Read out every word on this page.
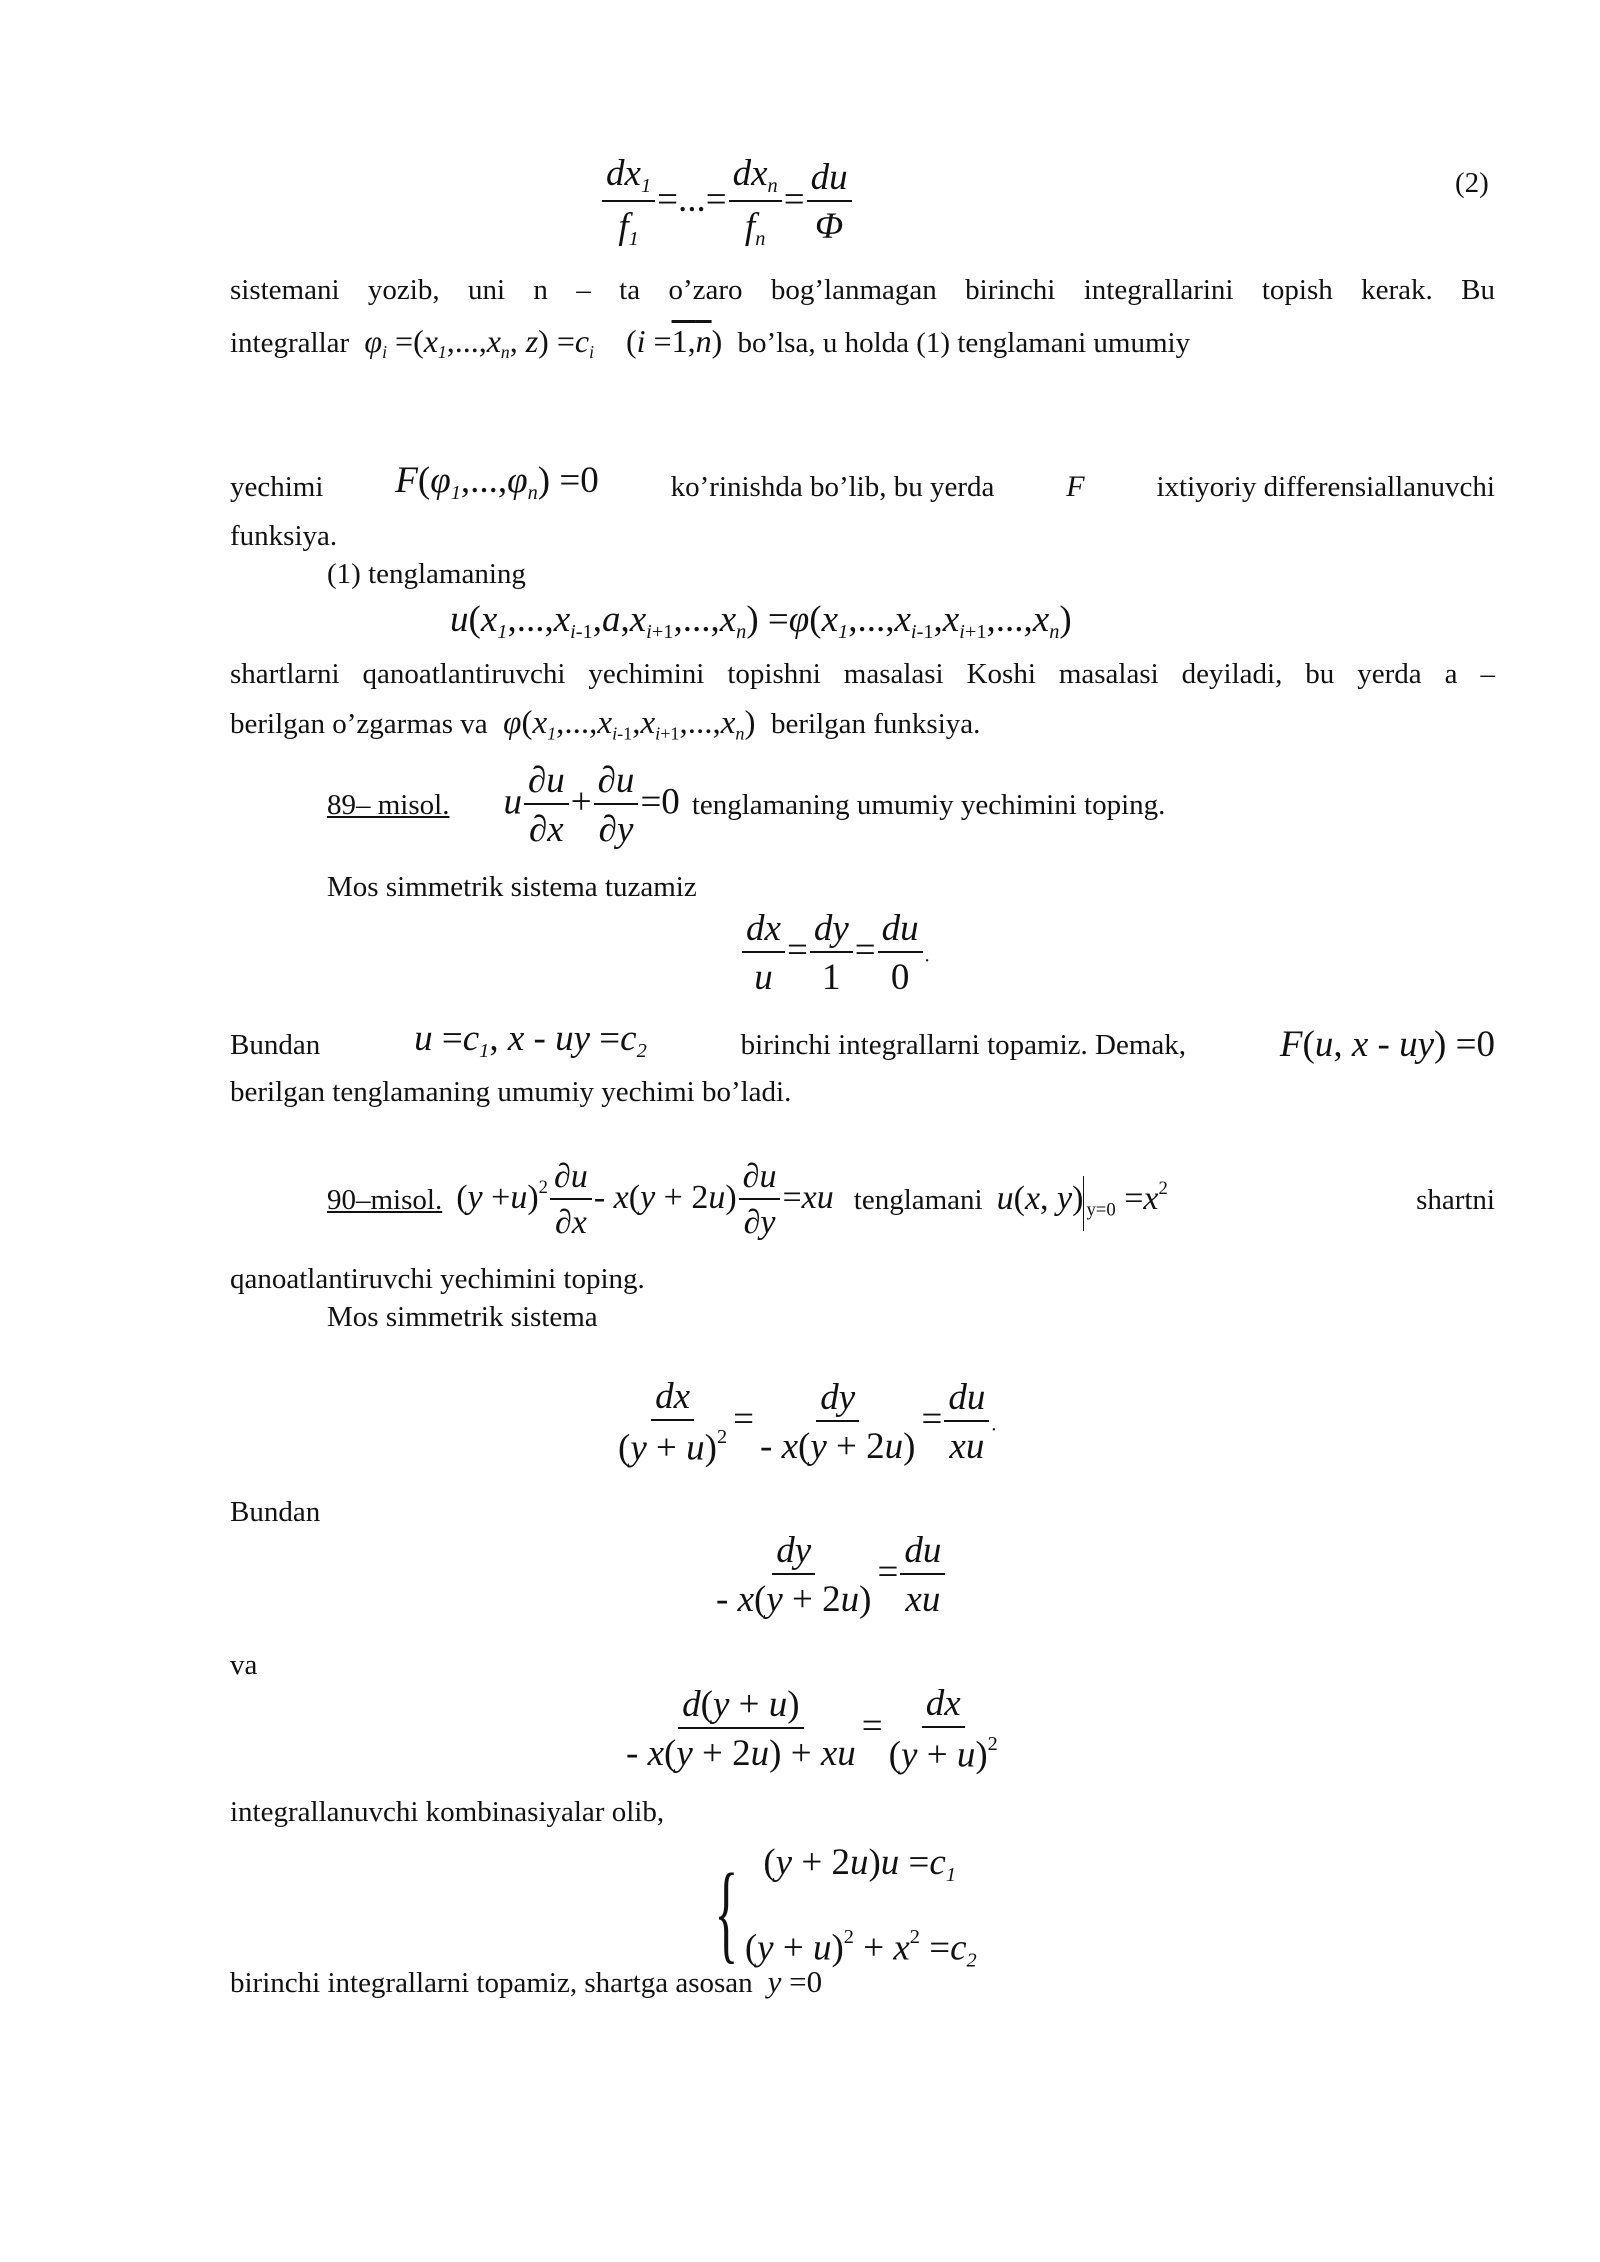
$\frac{dx_1}{f_1}$ =...= $\frac{dx_n}{f_n} = \frac{du}{\Phi}$	(2)
sistemani yozib, uni n – ta o’zaro bog’lanmagan birinchi integrallarini topish kerak. Bu
integrallar  $\varphi_i =(x_1,...,x_n$, $z) =c_i$ $(i =1,\overline{n})$ bo’lsa, u holda (1) tenglamani umumiy
yechimi $F(\varphi_1,...,\varphi_n) =0$ ko’rinishda bo’lib, bu yerda F ixtiyoriy differensiallanuvchi
funksiya.
(1) tenglamaning
$u(x_1,...,x_{i-1},a,x_{i+1},...,x_n) =\varphi(x_1,...,x_{i-1},x_{i+1},...,x_n)$
shartlarni qanoatlantiruvchi yechimini topishni masalasi Koshi masalasi deyiladi, bu yerda a –
berilgan o’zgarmas va  $\varphi(x_1,...,x_{i-1},x_{i+1},...,x_n)$ berilgan funksiya.
89– misol. u $\frac{\partial u}{\partial x} + \frac{\partial u}{\partial y} =0$ tenglamaning umumiy yechimini toping.
Mos simmetrik sistema tuzamiz
$\frac{dx}{u} = \frac{dy}{1} = \frac{du}{0}$ .
Bundan	$u =c_1$, x - uy $=c_2$	birinchi integrallarni topamiz. Demak,	F(u, x - uy) =0
berilgan tenglamaning umumiy yechimi bo’ladi.
90–misol. $(y +u)^2 \frac{\partial u}{\partial x} - x(y + 2u) \frac{\partial u}{\partial y} =xu$ tenglamani u(x, y) $_{y=0} =x^2$	shartni
qanoatlantiruvchi yechimini toping.
Mos simmetrik sistema
$\frac{dx}{(y + u)^2} = \frac{dy}{- x(y + 2u)} = \frac{du}{xu}$ .
Bundan
$\frac{dy}{- x(y + 2u)} = \frac{du}{xu}$
va
$\frac{d(y + u)}{- x(y + 2u) + xu} = \frac{dx}{(y + u)^2}$
integrallanuvchi kombinasiyalar olib,
{ $(y + 2u)u =c_1$
$(y + u)^2 + x^2 =c_2$
birinchi integrallarni topamiz, shartga asosan  y =0
